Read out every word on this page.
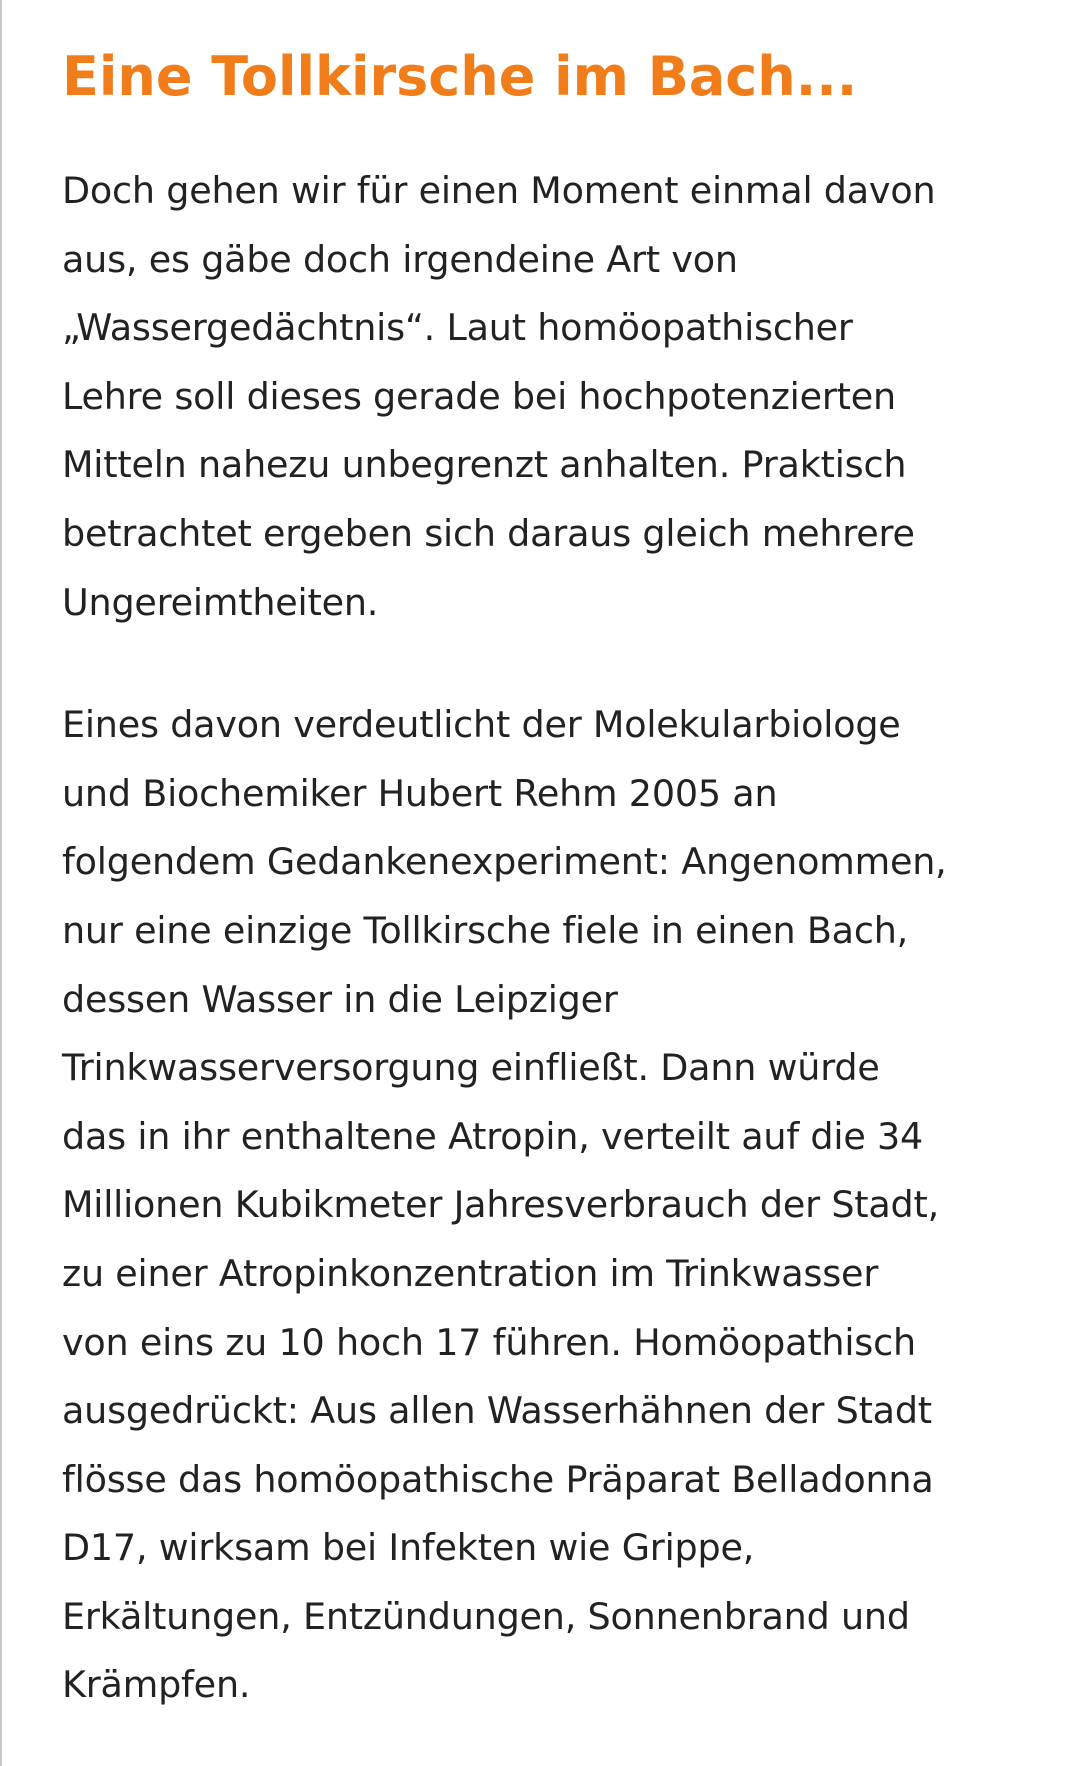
Eine Tollkirsche im Bach...

Doch gehen wir für einen Moment einmal davon
aus, es gäbe doch irgendeine Art von
„Wassergedächtnis“. Laut homöopathischer
Lehre soll dieses gerade bei hochpotenzierten
Mitteln nahezu unbegrenzt anhalten. Praktisch
betrachtet ergeben sich daraus gleich mehrere
Ungereimtheiten.

Eines davon verdeutlicht der Molekularbiologe
und Biochemiker Hubert Rehm 2005 an
folgendem Gedankenexperiment: Angenommen,
nur eine einzige Tollkirsche fiele in einen Bach,
dessen Wasser in die Leipziger
Trinkwasserversorgung einfließt. Dann würde
das in ihr enthaltene Atropin, verteilt auf die 34
Millionen Kubikmeter Jahresverbrauch der Stadt,
zu einer Atropinkonzentration im Trinkwasser
von eins zu 10 hoch 17 führen. Homöopathisch
ausgedrückt: Aus allen Wasserhähnen der Stadt
flösse das homöopathische Präparat Belladonna
D17, wirksam bei Infekten wie Grippe,
Erkältungen, Entzündungen, Sonnenbrand und
Krämpfen.
